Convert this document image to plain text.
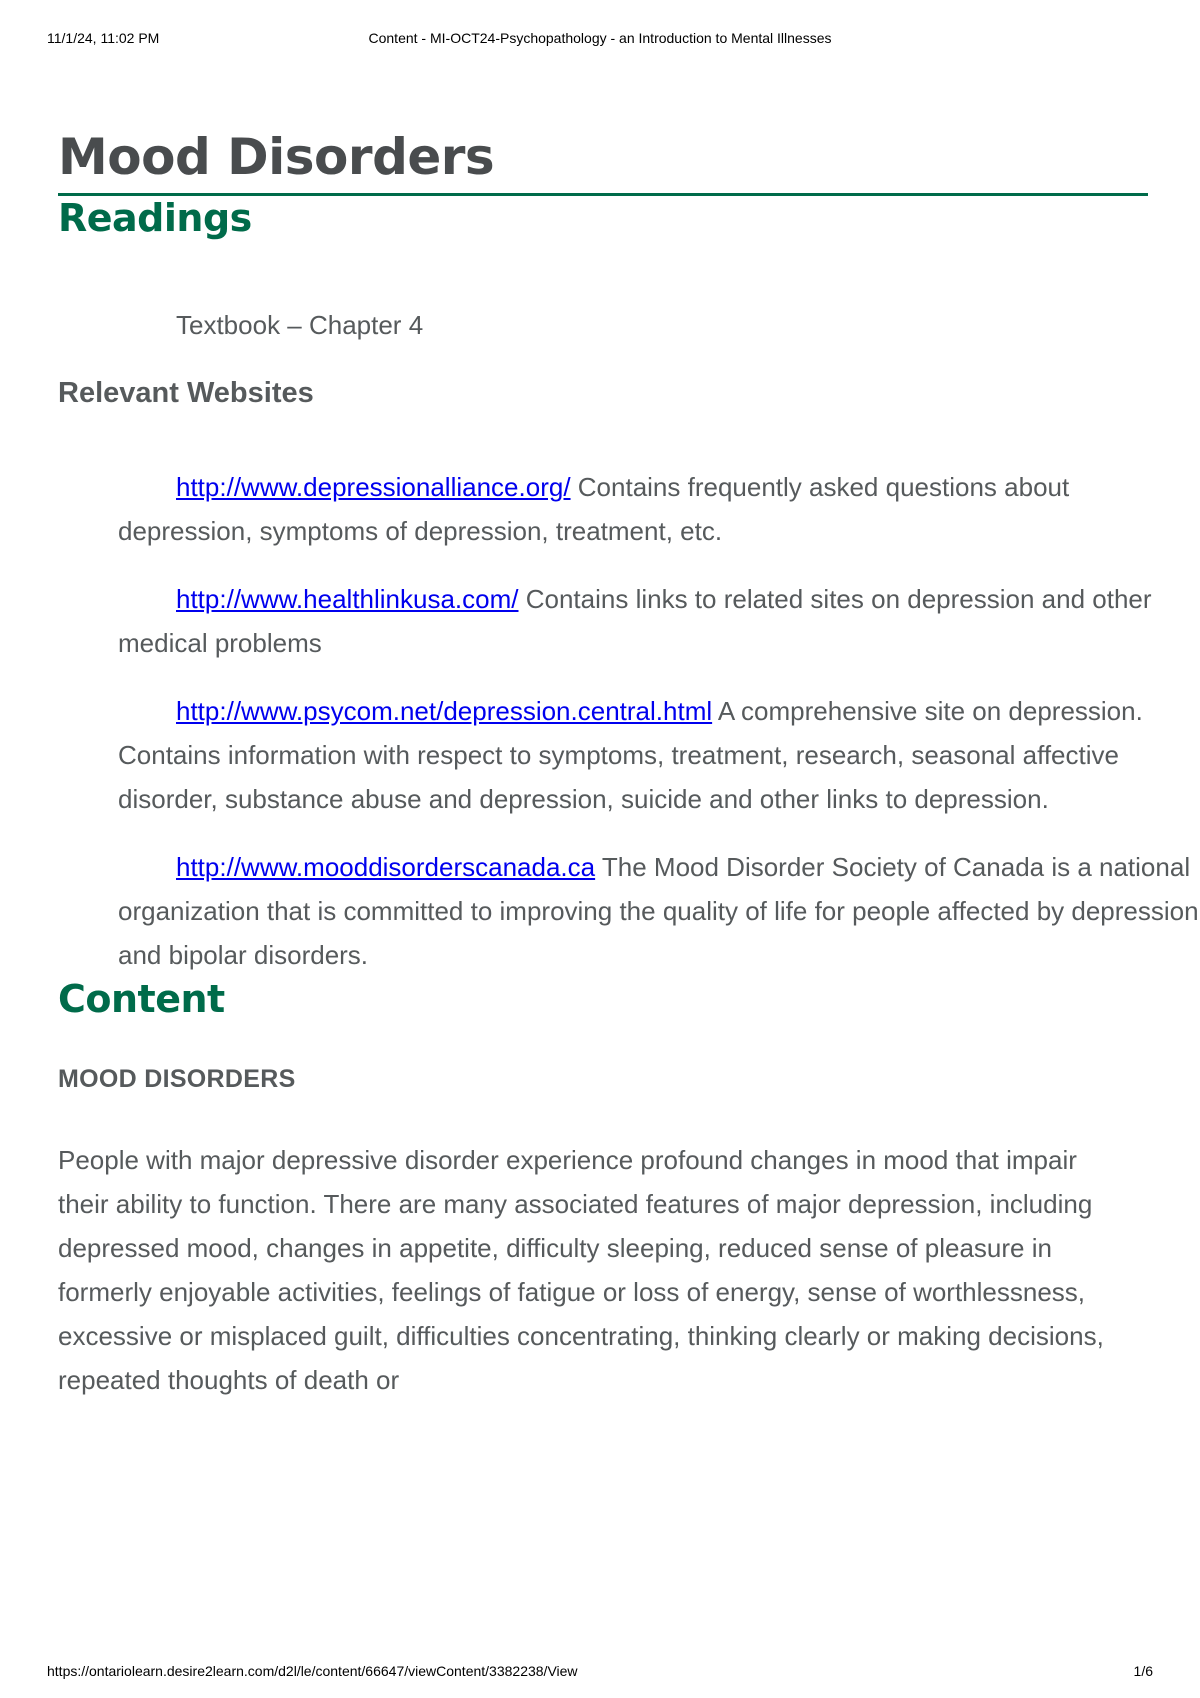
11/1/24, 11:02 PM	Content - MI-OCT24-Psychopathology - an Introduction to Mental Illnesses
Mood Disorders
Readings
Textbook – Chapter 4
Relevant Websites

http://www.depressionalliance.org/ Contains frequently asked questions about depression, symptoms of depression, treatment, etc.

http://www.healthlinkusa.com/ Contains links to related sites on depression and other medical problems

http://www.psycom.net/depression.central.html A comprehensive site on depression. Contains information with respect to symptoms, treatment, research, seasonal affective disorder, substance abuse and depression, suicide and other links to depression.

http://www.mooddisorderscanada.ca The Mood Disorder Society of Canada is a national organization that is committed to improving the quality of life for people affected by depression and bipolar disorders.

Content
MOOD DISORDERS

People with major depressive disorder experience profound changes in mood that impair their ability to function. There are many associated features of major depression, including depressed mood, changes in appetite, difficulty sleeping, reduced sense of pleasure in formerly enjoyable activities, feelings of fatigue or loss of energy, sense of worthlessness, excessive or misplaced guilt, difficulties concentrating, thinking clearly or making decisions, repeated thoughts of death or

https://ontariolearn.desire2learn.com/d2l/le/content/66647/viewContent/3382238/View	1/6
